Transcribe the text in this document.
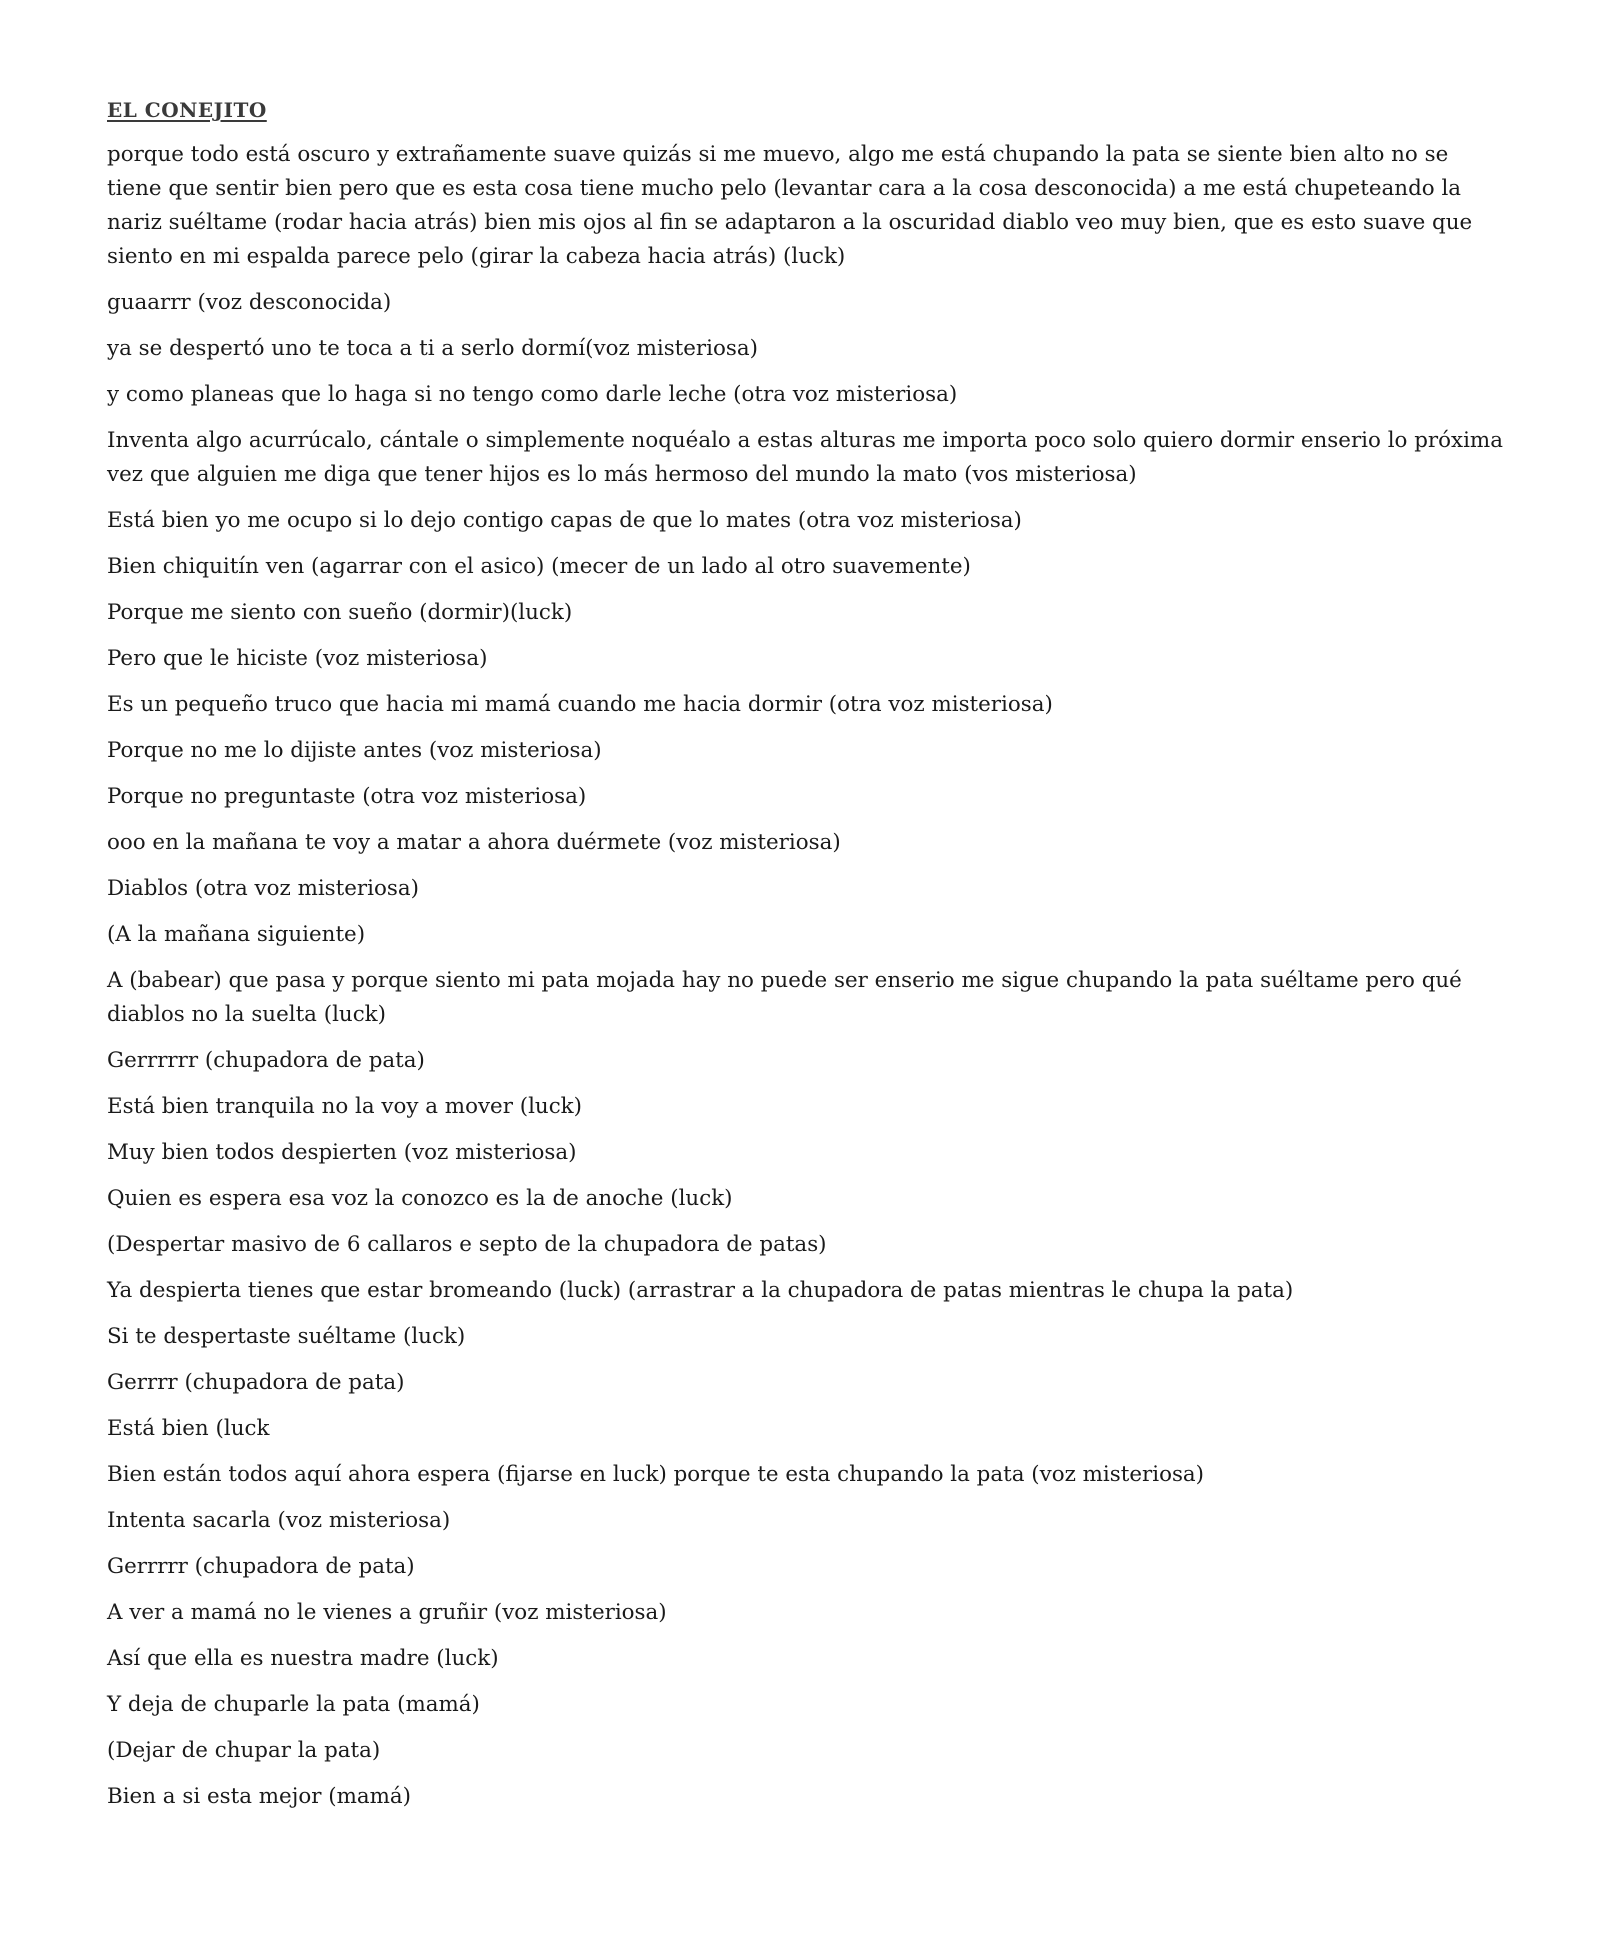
EL CONEJITO

porque todo está oscuro y extrañamente suave quizás si me muevo, algo me está chupando la pata se siente bien alto no se tiene que sentir bien pero que es esta cosa tiene mucho pelo (levantar cara a la cosa desconocida) a me está chupeteando la nariz suéltame (rodar hacia atrás) bien mis ojos al fin se adaptaron a la oscuridad diablo veo muy bien, que es esto suave que siento en mi espalda parece pelo (girar la cabeza hacia atrás) (luck)

guaarrr (voz desconocida)

ya se despertó uno te toca a ti a serlo dormí(voz misteriosa)

y como planeas que lo haga si no tengo como darle leche (otra voz misteriosa)

Inventa algo acurrúcalo, cántale o simplemente noquéalo a estas alturas me importa poco solo quiero dormir enserio lo próxima vez que alguien me diga que tener hijos es lo más hermoso del mundo la mato (vos misteriosa)

Está bien yo me ocupo si lo dejo contigo capas de que lo mates (otra voz misteriosa)

Bien chiquitín ven (agarrar con el asico) (mecer de un lado al otro suavemente)

Porque me siento con sueño (dormir)(luck)

Pero que le hiciste (voz misteriosa)

Es un pequeño truco que hacia mi mamá cuando me hacia dormir (otra voz misteriosa)

Porque no me lo dijiste antes (voz misteriosa)

Porque no preguntaste (otra voz misteriosa)

ooo en la mañana te voy a matar a ahora duérmete (voz misteriosa)

Diablos (otra voz misteriosa)

(A la mañana siguiente)

A (babear) que pasa y porque siento mi pata mojada hay no puede ser enserio me sigue chupando la pata suéltame pero qué diablos no la suelta (luck)

Gerrrrrr (chupadora de pata)

Está bien tranquila no la voy a mover (luck)

Muy bien todos despierten (voz misteriosa)

Quien es espera esa voz la conozco es la de anoche (luck)

(Despertar masivo de 6 callaros e septo de la chupadora de patas)

Ya despierta tienes que estar bromeando (luck) (arrastrar a la chupadora de patas mientras le chupa la pata)

Si te despertaste suéltame (luck)

Gerrrr (chupadora de pata)

Está bien (luck

Bien están todos aquí ahora espera (fijarse en luck) porque te esta chupando la pata (voz misteriosa)

Intenta sacarla (voz misteriosa)

Gerrrrr (chupadora de pata)

A ver a mamá no le vienes a gruñir (voz misteriosa)

Así que ella es nuestra madre (luck)

Y deja de chuparle la pata (mamá)

(Dejar de chupar la pata)

Bien a si esta mejor (mamá)
